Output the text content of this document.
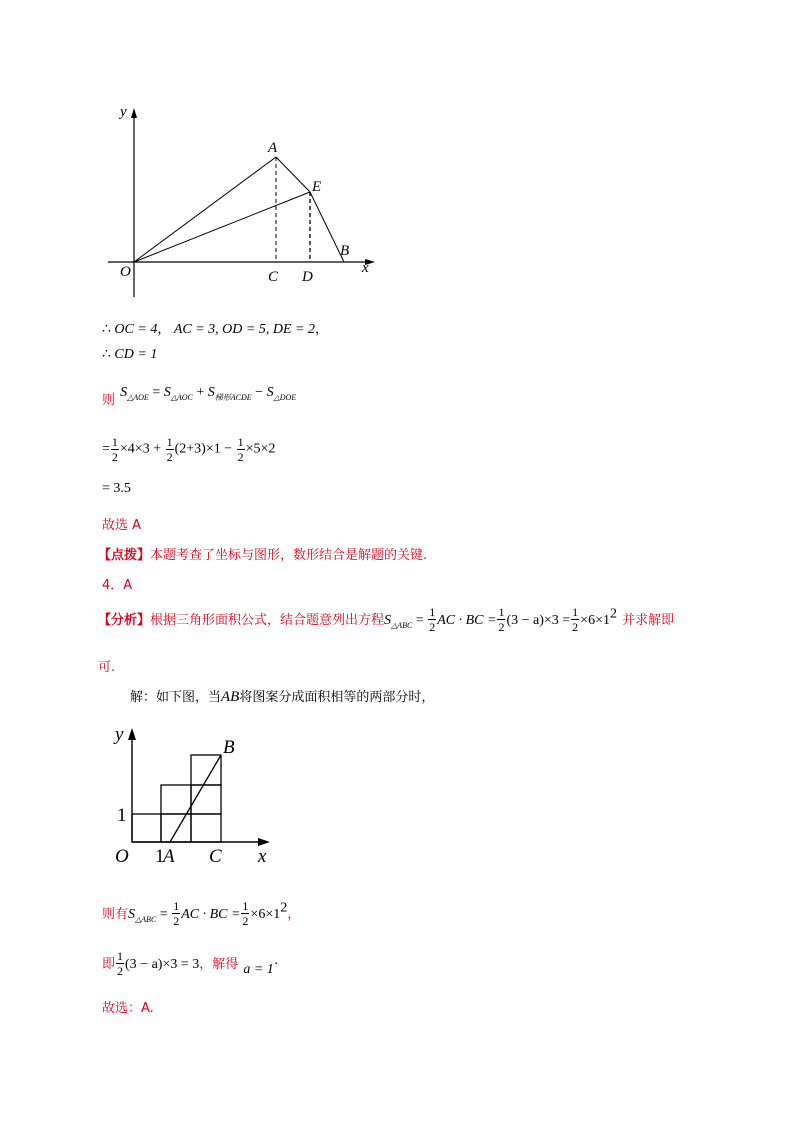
y
x
O
A
E
B
C D
∴ OC = 4， AC = 3, OD = 5, DE = 2，
∴ CD = 1
$_则$ $S_{\triangle AOE} = S_{\triangle AOC} + S_{梯形ACDE} - S_{\triangle DOE}$
= $\frac{1}{2} \times 4\times 3 + \frac{1}{2} (2+3)\times 1 - \frac{1}{2} \times 5\times 2$
= 3.5
故选 A
【点拨】本题考查了坐标与图形，数形结合是解题的关键.
4．A
【分析】根据三角形面积公式，结合题意列出方程$S_{\triangle ABC} = \frac{1}{2}$ AC · BC = $\frac{1}{2} (3 - a)\times 3 = \frac{1}{2} \times 6\times 1^2$ 并求解即
可.
解：如下图，当AB将图案分成面积相等的两部分时，
y
B
1
O 1
A C x
则有$S_{\triangle ABC} = \frac{1}{2}$ AC · BC = $\frac{1}{2} \times 6\times 1^2$，
即 $\frac{1}{2} (3 - a)\times 3 = 3$，解得 a = 1·
故选：A.
